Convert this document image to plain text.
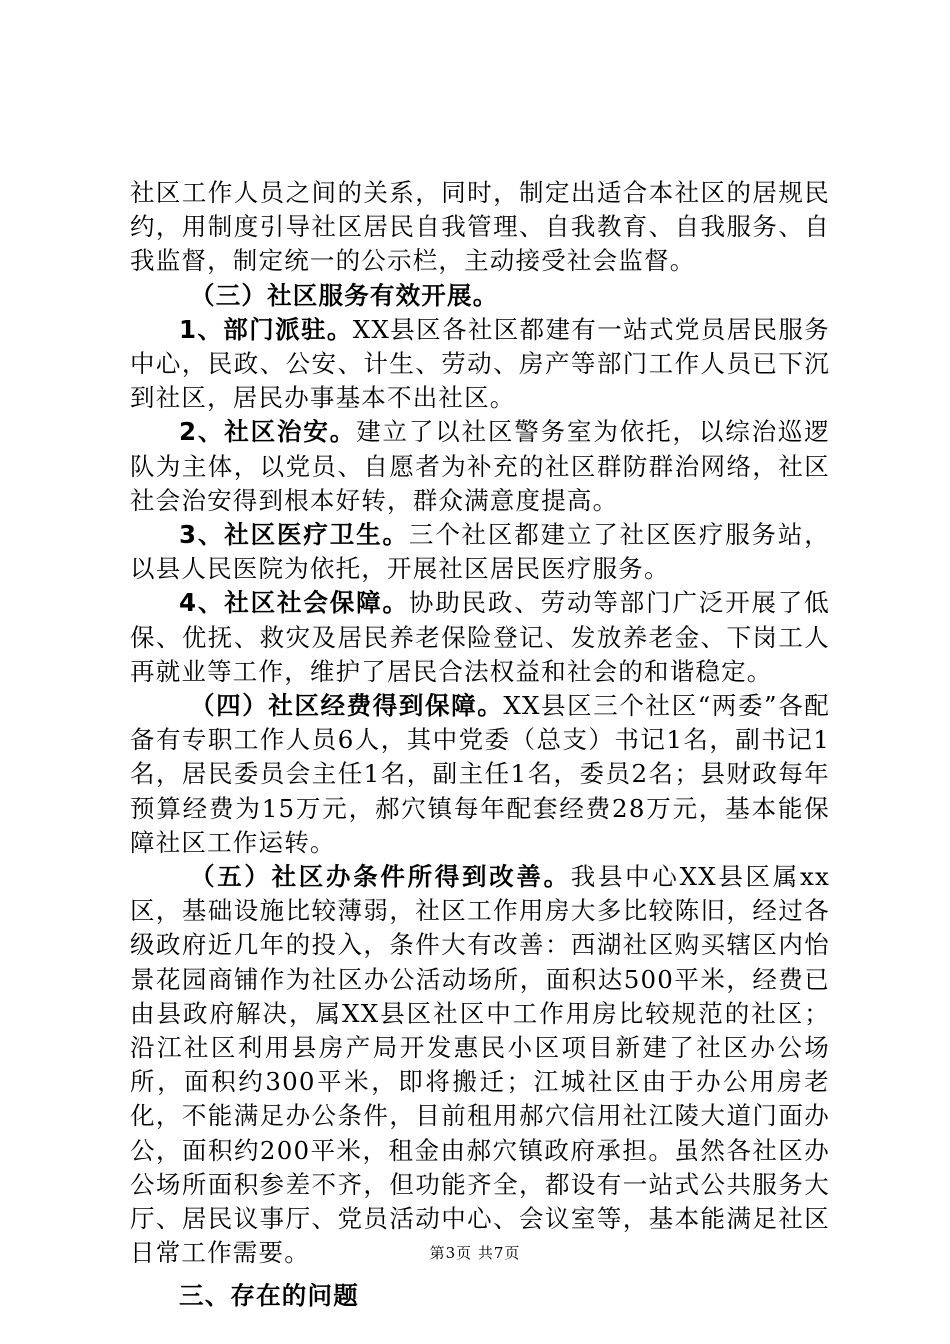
社区工作人员之间的关系，同时，制定出适合本社区的居规民约，用制度引导社区居民自我管理、自我教育、自我服务、自我监督，制定统一的公示栏，主动接受社会监督。

（三）社区服务有效开展。

1、部门派驻。XX县区各社区都建有一站式党员居民服务中心，民政、公安、计生、劳动、房产等部门工作人员已下沉到社区，居民办事基本不出社区。

2、社区治安。建立了以社区警务室为依托，以综治巡逻队为主体，以党员、自愿者为补充的社区群防群治网络，社区社会治安得到根本好转，群众满意度提高。

3、社区医疗卫生。三个社区都建立了社区医疗服务站，以县人民医院为依托，开展社区居民医疗服务。

4、社区社会保障。协助民政、劳动等部门广泛开展了低保、优抚、救灾及居民养老保险登记、发放养老金、下岗工人再就业等工作，维护了居民合法权益和社会的和谐稳定。

（四）社区经费得到保障。XX县区三个社区“两委”各配备有专职工作人员6人，其中党委（总支）书记1名，副书记1名，居民委员会主任1名，副主任1名，委员2名；县财政每年预算经费为15万元，郝穴镇每年配套经费28万元，基本能保障社区工作运转。

（五）社区办条件所得到改善。我县中心XX县区属xx区，基础设施比较薄弱，社区工作用房大多比较陈旧，经过各级政府近几年的投入，条件大有改善：西湖社区购买辖区内怡景花园商铺作为社区办公活动场所，面积达500平米，经费已由县政府解决，属XX县区社区中工作用房比较规范的社区；沿江社区利用县房产局开发惠民小区项目新建了社区办公场所，面积约300平米，即将搬迁；江城社区由于办公用房老化，不能满足办公条件，目前租用郝穴信用社江陵大道门面办公，面积约200平米，租金由郝穴镇政府承担。虽然各社区办公场所面积参差不齐，但功能齐全，都设有一站式公共服务大厅、居民议事厅、党员活动中心、会议室等，基本能满足社区日常工作需要。

三、存在的问题

第3页 共7页
